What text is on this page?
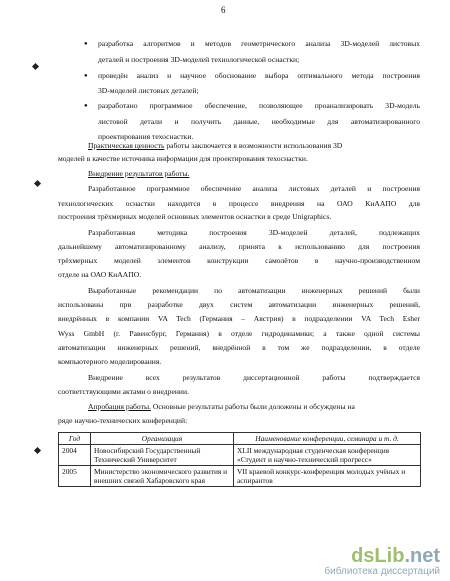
6
● разработка алгоритмов и методов геометрического анализа 3D-моделей листовых
деталей и построения 3D-моделей технологической оснастки;
● проведён анализ и научное обоснование выбора оптимального метода построения
3D-моделей листовых деталей;
● разработано программное обеспечение, позволяющее проанализировать 3D-модель
листовой детали и получить данные, необходимые для автоматизированного
проектирования техоснастки.
Практическая ценность работы заключается в возможности использования 3D
моделей в качестве источника информации для проектирования техоснастки.
Внедрение результатов работы.
Разработанное программное обеспечение анализа листовых деталей и построения
технологических оснастки находится в процессе внедрения на ОАО КнААПО для
построения трёхмерных моделей основных элементов оснастки в среде Unigraphics.
Разработанная методика построения 3D-моделей деталей, подлежащих
дальнейшему автоматизированному анализу, принята к использованию для построения
трёхмерных моделей элементов конструкции самолётов в научно-производственном
отделе на ОАО КнААПО.
Выработанные рекомендации по автоматизации инженерных решений были
использованы при разработке двух систем автоматизации инженерных решений,
внедрённых в компании VA Tech (Германия – Австрия) в подразделении VA Tech Esher
Wyss GmbH (г. Равенсбург, Германия) в отделе гидродинамики; а также одной системы
автоматизации инженерных решений, внедрённой в том же подразделении, в отделе
компьютерного моделирования.
Внедрение всех результатов диссертационной работы подтверждается
соответствующими актами о внедрении.
Апробация работы. Основные результаты работы были доложены и обсуждены на
ряде научно-технических конференций:
Год	Организация	Наименование конференции, семинара и т. д.
2004	Новосибирский Государственный Технический Университет	XLII международная студенческая конференция «Студент и научно-технический прогресс»
2005	Министерство экономического развития и внешних связей Хабаровского края	VII краевой конкурс-конференция молодых учёных и аспирантов
dsLib.net
библиотека диссертаций
